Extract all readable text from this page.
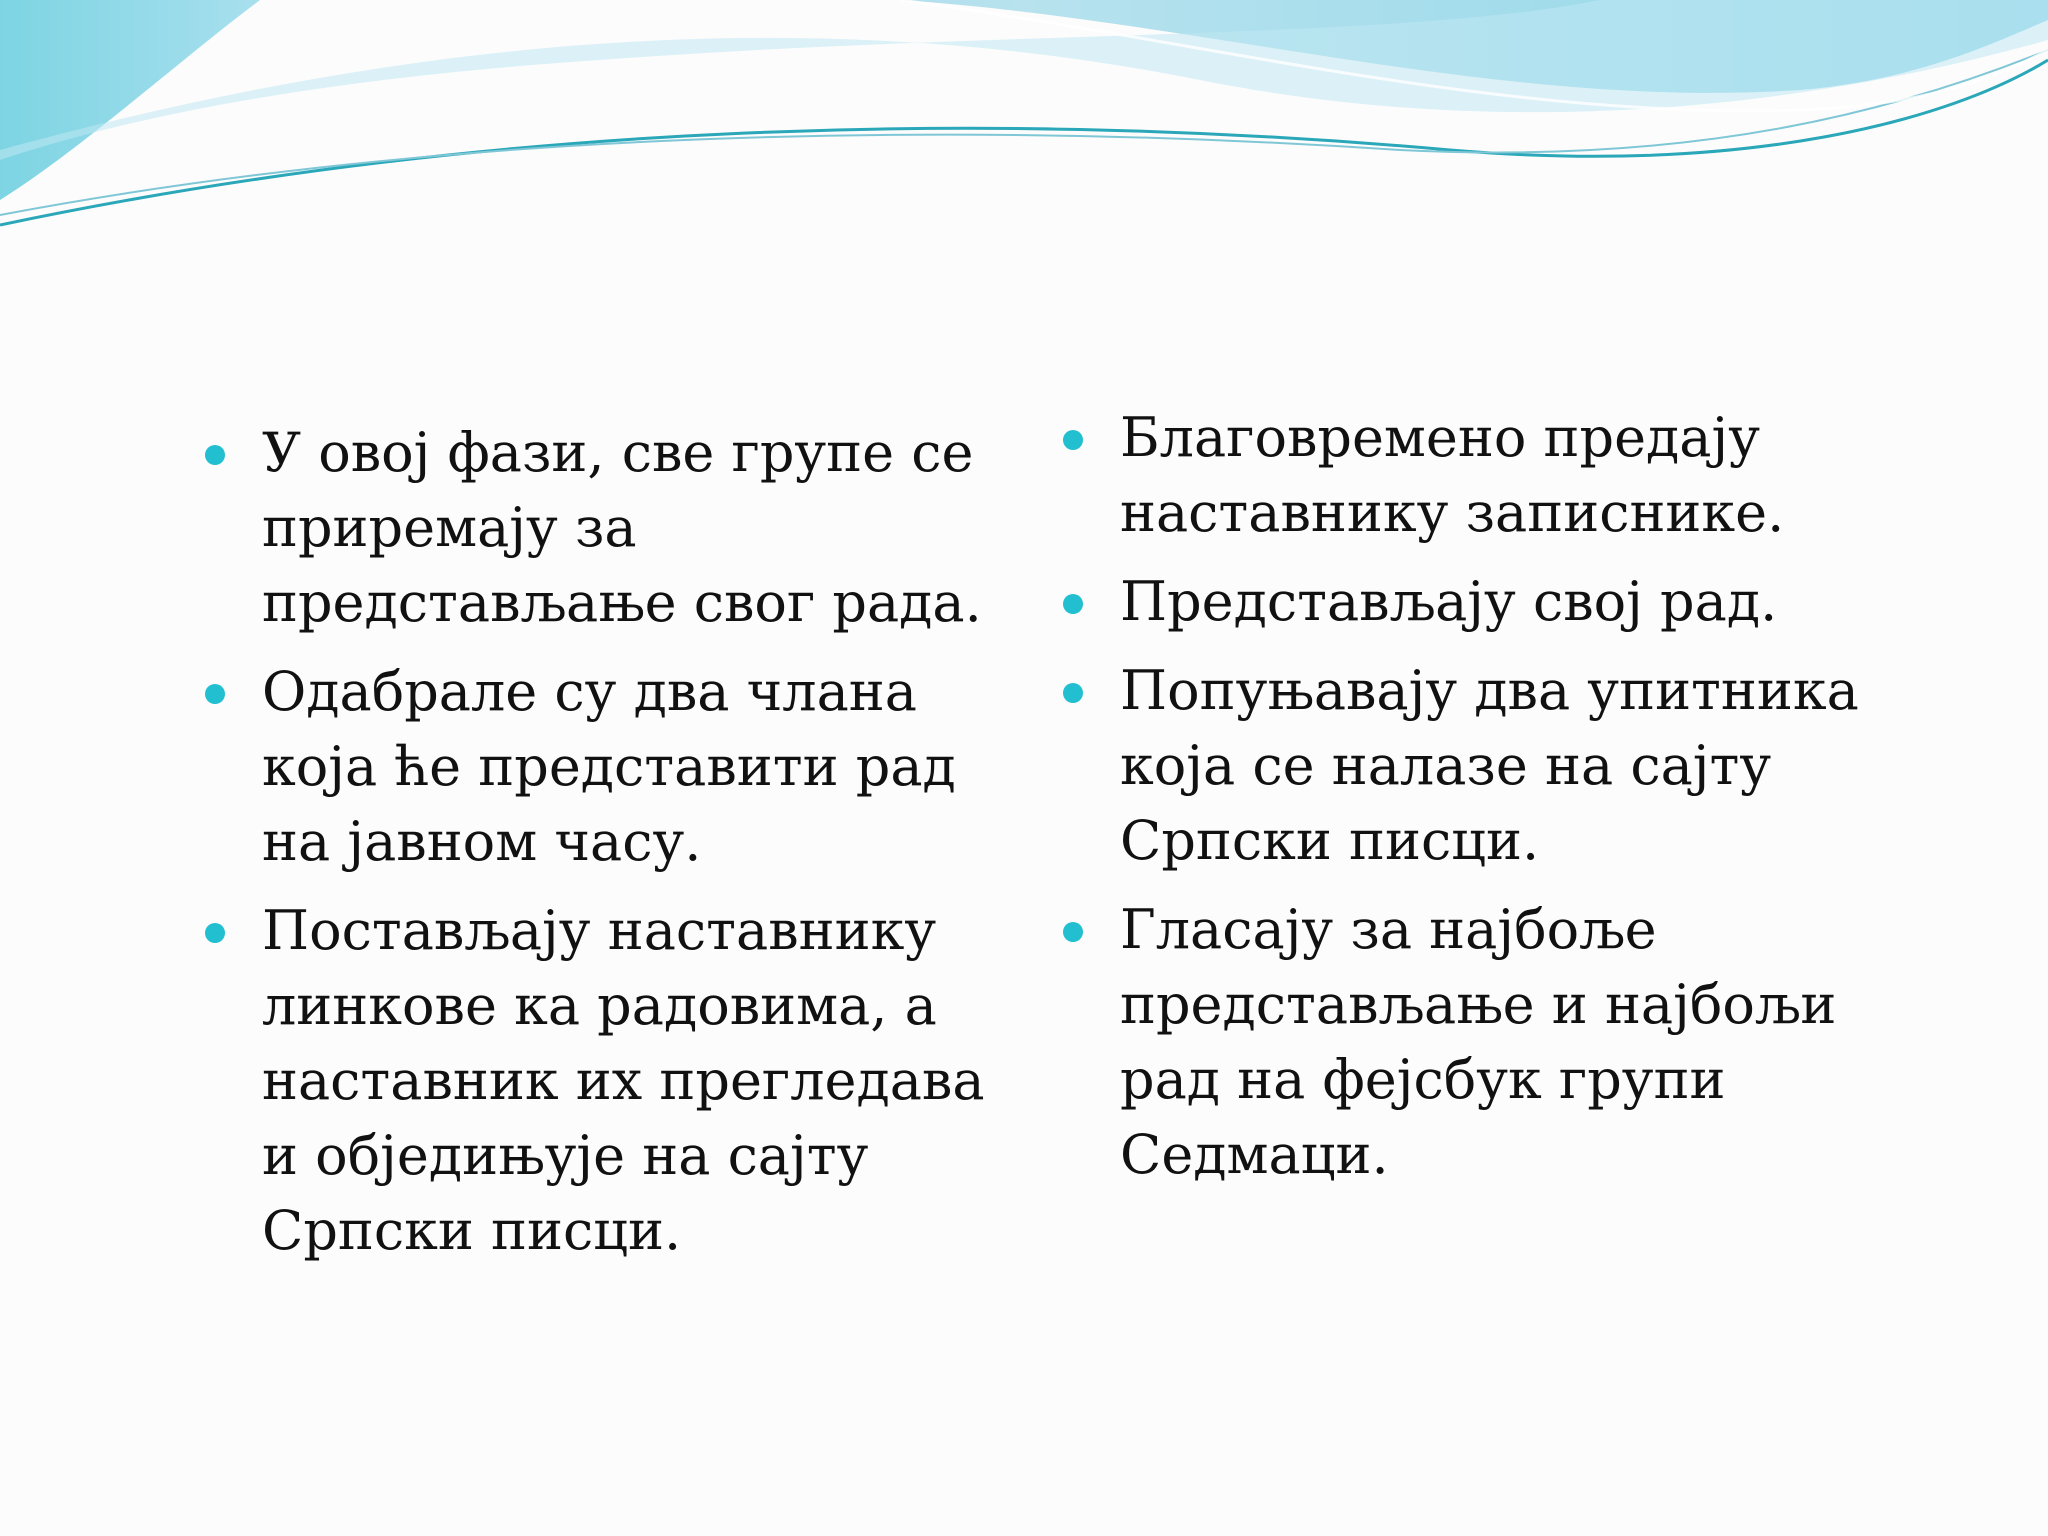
У овој фази, све групе се
приремају за
представљање свог рада.
Одабрале су два члана
која ће представити рад
на јавном часу.
Постављају наставнику
линкове ка радовима, а
наставник их прегледава
и обједињује на сајту
Српски писци.
Благовремено предају
наставнику записнике.
Представљају свој рад.
Попуњавају два упитника
која се налазе на сајту
Српски писци.
Гласају за најбоље
представљање и најбољи
рад на фејсбук групи
Седмаци.
